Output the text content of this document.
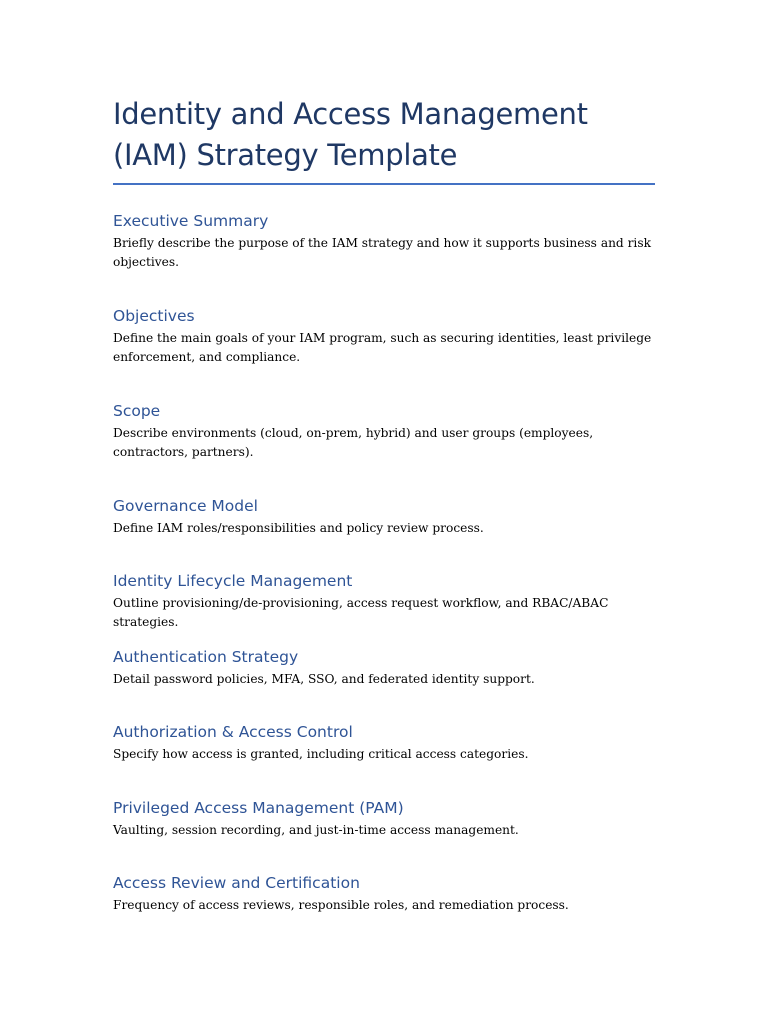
Identity and Access Management (IAM) Strategy Template
Executive Summary

Briefly describe the purpose of the IAM strategy and how it supports business and risk objectives.

Objectives

Define the main goals of your IAM program, such as securing identities, least privilege enforcement, and compliance.

Scope

Describe environments (cloud, on-prem, hybrid) and user groups (employees, contractors, partners).

Governance Model

Define IAM roles/responsibilities and policy review process.

Identity Lifecycle Management

Outline provisioning/de-provisioning, access request workflow, and RBAC/ABAC strategies.

Authentication Strategy

Detail password policies, MFA, SSO, and federated identity support.

Authorization & Access Control

Specify how access is granted, including critical access categories.

Privileged Access Management (PAM)

Vaulting, session recording, and just-in-time access management.

Access Review and Certification

Frequency of access reviews, responsible roles, and remediation process.
